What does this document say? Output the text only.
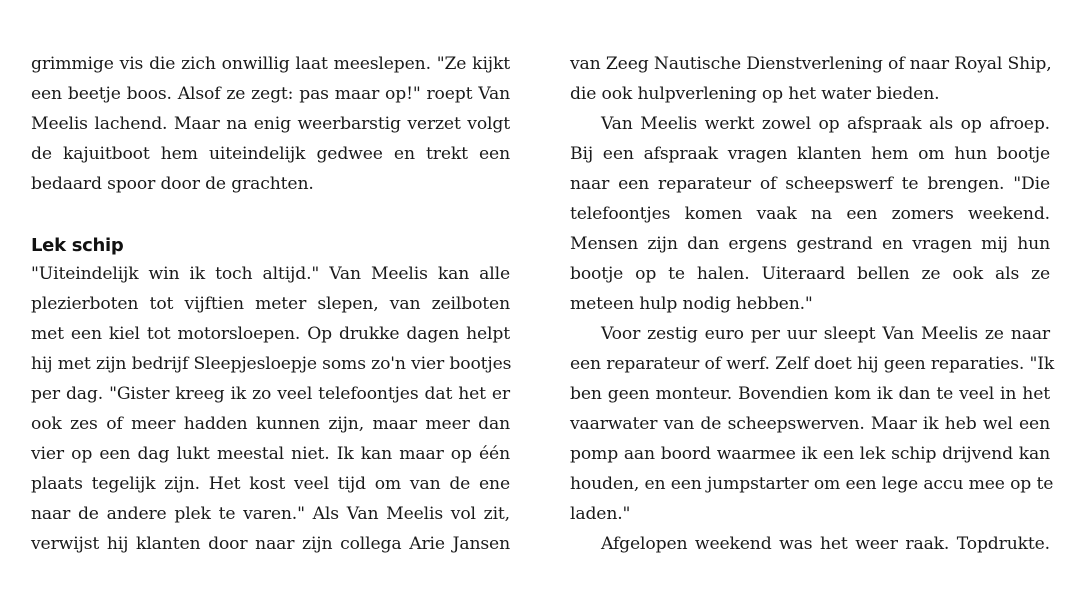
grimmige vis die zich onwillig laat meeslepen. "Ze kijkt
een beetje boos. Alsof ze zegt: pas maar op!" roept Van
Meelis lachend. Maar na enig weerbarstig verzet volgt
de kajuitboot hem uiteindelijk gedwee en trekt een
bedaard spoor door de grachten.

Lek schip

"Uiteindelijk win ik toch altijd." Van Meelis kan alle
plezierboten tot vijftien meter slepen, van zeilboten
met een kiel tot motorsloepen. Op drukke dagen helpt
hij met zijn bedrijf Sleepjesloepje soms zo'n vier bootjes
per dag. "Gister kreeg ik zo veel telefoontjes dat het er
ook zes of meer hadden kunnen zijn, maar meer dan
vier op een dag lukt meestal niet. Ik kan maar op één
plaats tegelijk zijn. Het kost veel tijd om van de ene
naar de andere plek te varen." Als Van Meelis vol zit,
verwijst hij klanten door naar zijn collega Arie Jansen

van Zeeg Nautische Dienstverlening of naar Royal Ship,
die ook hulpverlening op het water bieden.

Van Meelis werkt zowel op afspraak als op afroep.
Bij een afspraak vragen klanten hem om hun bootje
naar een reparateur of scheepswerf te brengen. "Die
telefoontjes komen vaak na een zomers weekend.
Mensen zijn dan ergens gestrand en vragen mij hun
bootje op te halen. Uiteraard bellen ze ook als ze
meteen hulp nodig hebben."

Voor zestig euro per uur sleept Van Meelis ze naar
een reparateur of werf. Zelf doet hij geen reparaties. "Ik
ben geen monteur. Bovendien kom ik dan te veel in het
vaarwater van de scheepswerven. Maar ik heb wel een
pomp aan boord waarmee ik een lek schip drijvend kan
houden, en een jumpstarter om een lege accu mee op te
laden."

Afgelopen weekend was het weer raak. Topdrukte.
